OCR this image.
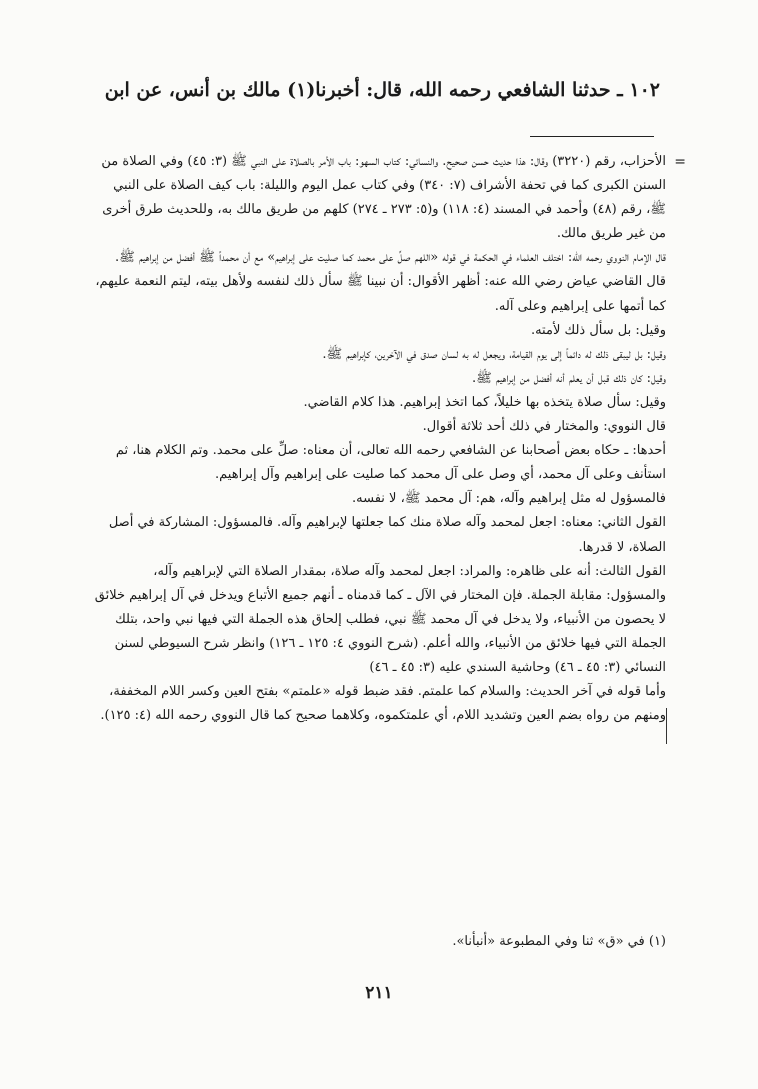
١٠٢ ـ حدثنا الشافعي رحمه الله، قال: أخبرنا(١) مالك بن أنس، عن ابن
=

الأحزاب، رقم (٣٢٢٠) وقال: هذا حديث حسن صحيح. والنسائي: كتاب السهو: باب الأمر بالصلاة على النبي ﷺ (٣: ٤٥) وفي الصلاة من السنن الكبرى كما في تحفة الأشراف (٧: ٣٤٠) وفي كتاب عمل اليوم والليلة: باب كيف الصلاة على النبي ﷺ، رقم (٤٨) وأحمد في المسند (٤: ١١٨) و(٥: ٢٧٣ ـ ٢٧٤) كلهم من طريق مالك به، وللحديث طرق أخرى من غير طريق مالك.

قال الإمام النووي رحمه الله: اختلف العلماء في الحكمة في قوله «اللهم صلِّ على محمد كما صليت على إبراهيم» مع أن محمداً ﷺ أفضل من إبراهيم ﷺ.

قال القاضي عياض رضي الله عنه: أظهر الأقوال: أن نبينا ﷺ سأل ذلك لنفسه ولأهل بيته، ليتم النعمة عليهم، كما أتمها على إبراهيم وعلى آله.

وقيل: بل سأل ذلك لأمته.

وقيل: بل ليبقى ذلك له دائماً إلى يوم القيامة، ويجعل له به لسان صدق في الآخرين، كإبراهيم ﷺ.

وقيل: كان ذلك قبل أن يعلم أنه أفضل من إبراهيم ﷺ.

وقيل: سأل صلاة يتخذه بها خليلاً، كما اتخذ إبراهيم. هذا كلام القاضي.

قال النووي: والمختار في ذلك أحد ثلاثة أقوال.

أحدها: ـ حكاه بعض أصحابنا عن الشافعي رحمه الله تعالى، أن معناه: صلِّ على محمد. وتم الكلام هنا، ثم استأنف وعلى آل محمد، أي وصل على آل محمد كما صليت على إبراهيم وآل إبراهيم.

فالمسؤول له مثل إبراهيم وآله، هم: آل محمد ﷺ، لا نفسه.

القول الثاني: معناه: اجعل لمحمد وآله صلاة منك كما جعلتها لإبراهيم وآله. فالمسؤول: المشاركة في أصل الصلاة، لا قدرها.

القول الثالث: أنه على ظاهره: والمراد: اجعل لمحمد وآله صلاة، بمقدار الصلاة التي لإبراهيم وآله، والمسؤول: مقابلة الجملة. فإن المختار في الآل ـ كما قدمناه ـ أنهم جميع الأتباع ويدخل في آل إبراهيم خلائق لا يحصون من الأنبياء، ولا يدخل في آل محمد ﷺ نبي، فطلب إلحاق هذه الجملة التي فيها نبي واحد، بتلك الجملة التي فيها خلائق من الأنبياء، والله أعلم. (شرح النووي ٤: ١٢٥ ـ ١٢٦) وانظر شرح السيوطي لسنن النسائي (٣: ٤٥ ـ ٤٦) وحاشية السندي عليه (٣: ٤٥ ـ ٤٦)

وأما قوله في آخر الحديث: والسلام كما علمتم. فقد ضبط قوله «علمتم» بفتح العين وكسر اللام المخففة، ومنهم من رواه بضم العين وتشديد اللام، أي علمتكموه، وكلاهما صحيح كما قال النووي رحمه الله (٤: ١٢٥).

(١) في «ق» ثنا وفي المطبوعة «أنبأنا».
٢١١
